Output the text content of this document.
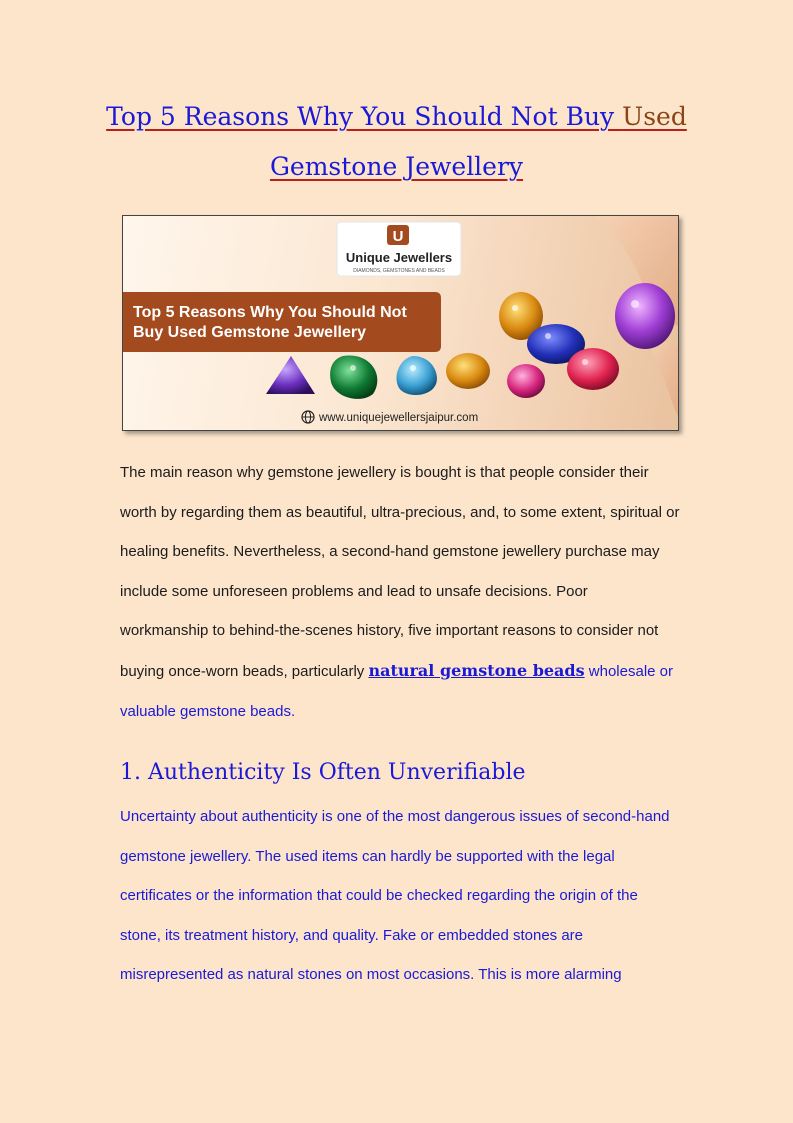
Top 5 Reasons Why You Should Not Buy Used
Gemstone Jewellery
U
Unique Jewellers
DIAMONDS, GEMSTONES AND BEADS
Top 5 Reasons Why You Should Not
Buy Used Gemstone Jewellery
www.uniquejewellersjaipur.com

The main reason why gemstone jewellery is bought is that people consider their worth by regarding them as beautiful, ultra-precious, and, to some extent, spiritual or healing benefits. Nevertheless, a second-hand gemstone jewellery purchase may include some unforeseen problems and lead to unsafe decisions. Poor workmanship to behind-the-scenes history, five important reasons to consider not buying once-worn beads, particularly natural gemstone beads wholesale or valuable gemstone beads.

1. Authenticity Is Often Unverifiable

Uncertainty about authenticity is one of the most dangerous issues of second-hand gemstone jewellery. The used items can hardly be supported with the legal certificates or the information that could be checked regarding the origin of the stone, its treatment history, and quality. Fake or embedded stones are misrepresented as natural stones on most occasions. This is more alarming
